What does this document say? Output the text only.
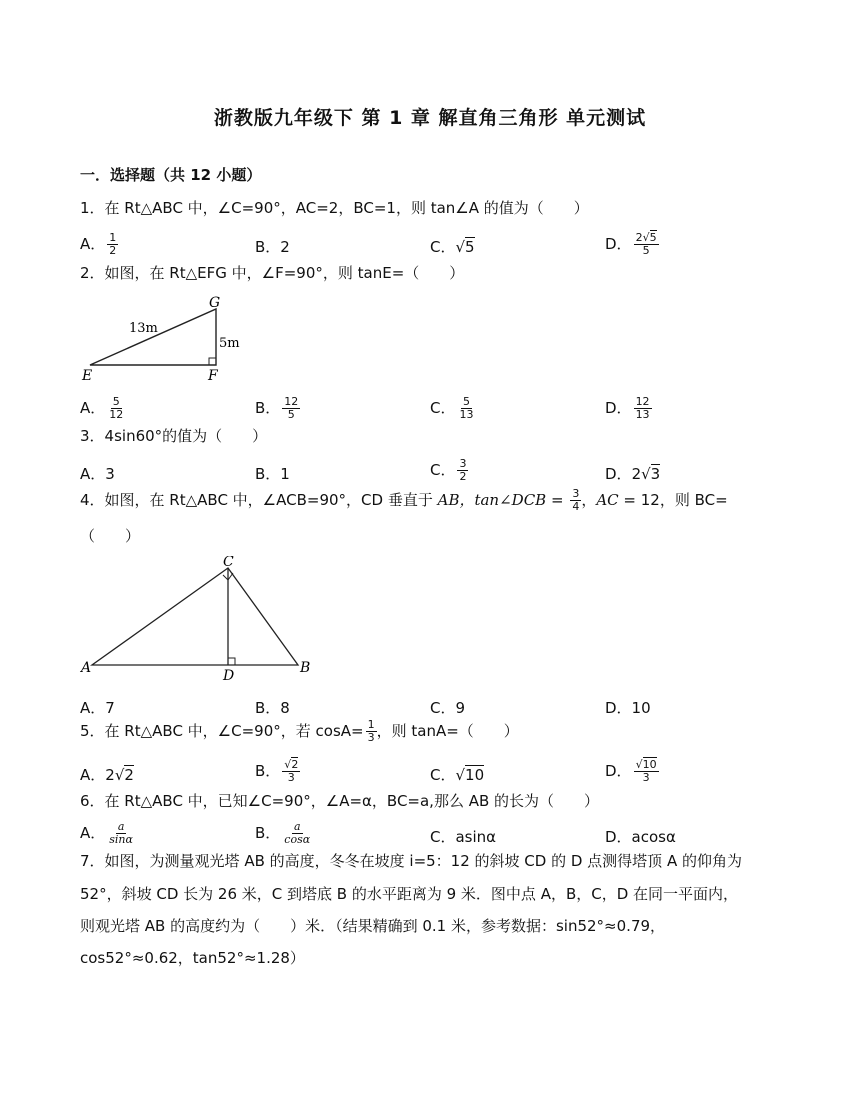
浙教版九年级下 第 1 章 解直角三角形 单元测试
一．选择题（共 12 小题）
1．在 Rt△ABC 中，∠C=90°，AC=2，BC=1，则 tan∠A 的值为（　　）
A． $\frac{1}{2}$	B．2	C．√5	D． $\frac{2√5}{5}$
2．如图，在 Rt△EFG 中，∠F=90°，则 tanE=（　　）
G
E	F
13m
5m
A． $\frac{5}{12}$	B． $\frac{12}{5}$	C． $\frac{5}{13}$	D． $\frac{12}{13}$
3．4sin60°的值为（　　）
A．3	B．1	C． $\frac{3}{2}$	D．2√3
4．如图，在 Rt△ABC 中，∠ACB=90°，CD 垂直于 AB，tan∠DCB = $\frac{3}{4}$ ，AC = 12，则 BC=
（　　）
C
A	B
D
A．7	B．8	C．9	D．10
5．在 Rt△ABC 中，∠C=90°，若 $\cos A= \frac{1}{3}$ ，则 tanA=（　　）
A．2√2	B． $\frac{√2}{3}$	C．√10	D． $\frac{√10}{3}$
6．在 Rt△ABC 中，已知∠C=90°，∠A=α，BC=a,那么 AB 的长为（　　）
A． $\frac{a}{\sin\alpha}$	B． $\frac{a}{\cos\alpha}$	C．asinα	D．acosα
7．如图，为测量观光塔 AB 的高度，冬冬在坡度 i=5：12 的斜坡 CD 的 D 点测得塔顶 A 的仰角为
52°，斜坡 CD 长为 26 米，C 到塔底 B 的水平距离为 9 米．图中点 A，B，C，D 在同一平面内，
则观光塔 AB 的高度约为（　　）米．（结果精确到 0.1 米，参考数据：sin52°≈0.79，
cos52°≈0.62，tan52°≈1.28）
